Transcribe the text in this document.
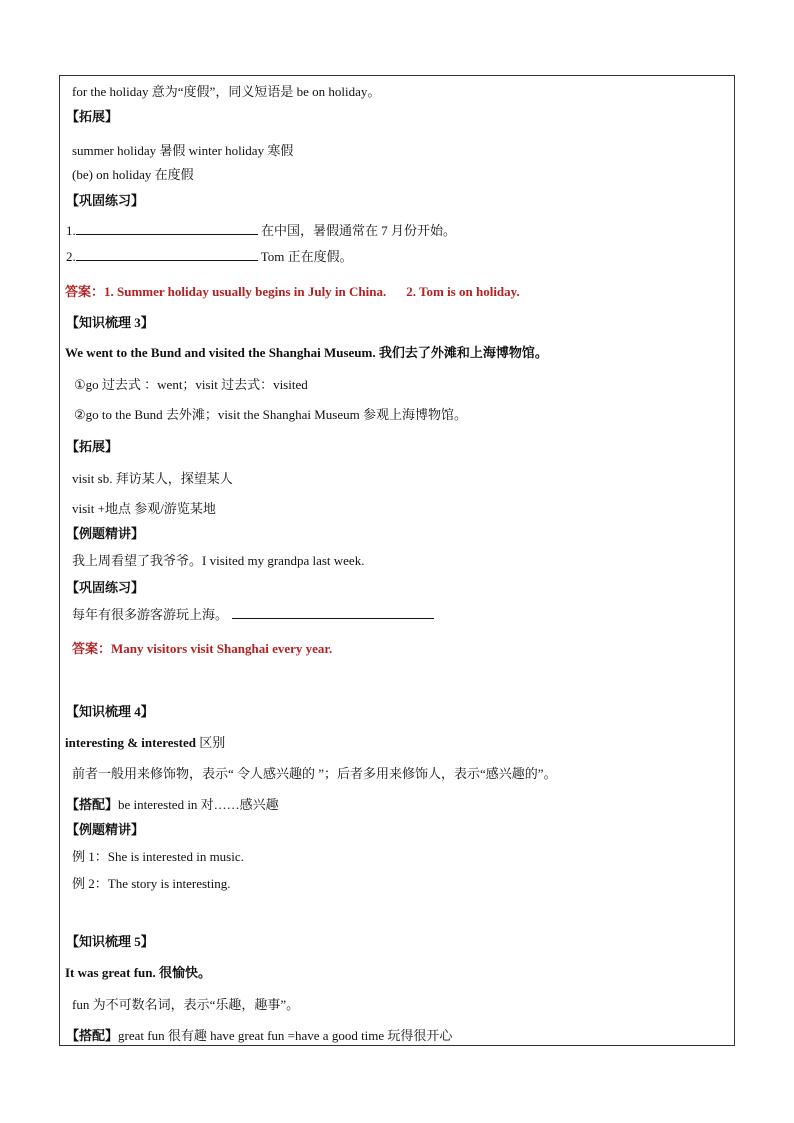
for the holiday 意为“度假”，同义短语是 be on holiday。
【拓展】
summer holiday 暑假 winter holiday 寒假
(be) on holiday 在度假
【巩固练习】
1.	在中国，暑假通常在 7 月份开始。
2.	Tom 正在度假。
答案：1. Summer holiday usually begins in July in China. 2. Tom is on holiday.
【知识梳理 3】
We went to the Bund and visited the Shanghai Museum. 我们去了外滩和上海博物馆。
①go 过去式 ：went；visit 过去式：visited
②go to the Bund 去外滩；visit the Shanghai Museum 参观上海博物馆。
【拓展】
visit sb. 拜访某人，探望某人
visit +地点 参观/游览某地
【例题精讲】
我上周看望了我爷爷。I visited my grandpa last week.
【巩固练习】
每年有很多游客游玩上海。
答案：Many visitors visit Shanghai every year.
【知识梳理 4】
interesting & interested 区别
前者一般用来修饰物，表示“ 令人感兴趣的 ”；后者多用来修饰人，表示“感兴趣的”。
【搭配】be interested in 对……感兴趣
【例题精讲】
例 1：She is interested in music.
例 2：The story is interesting.
【知识梳理 5】
It was great fun. 很愉快。
fun 为不可数名词，表示“乐趣，趣事”。
【搭配】great fun 很有趣 have great fun =have a good time 玩得很开心
